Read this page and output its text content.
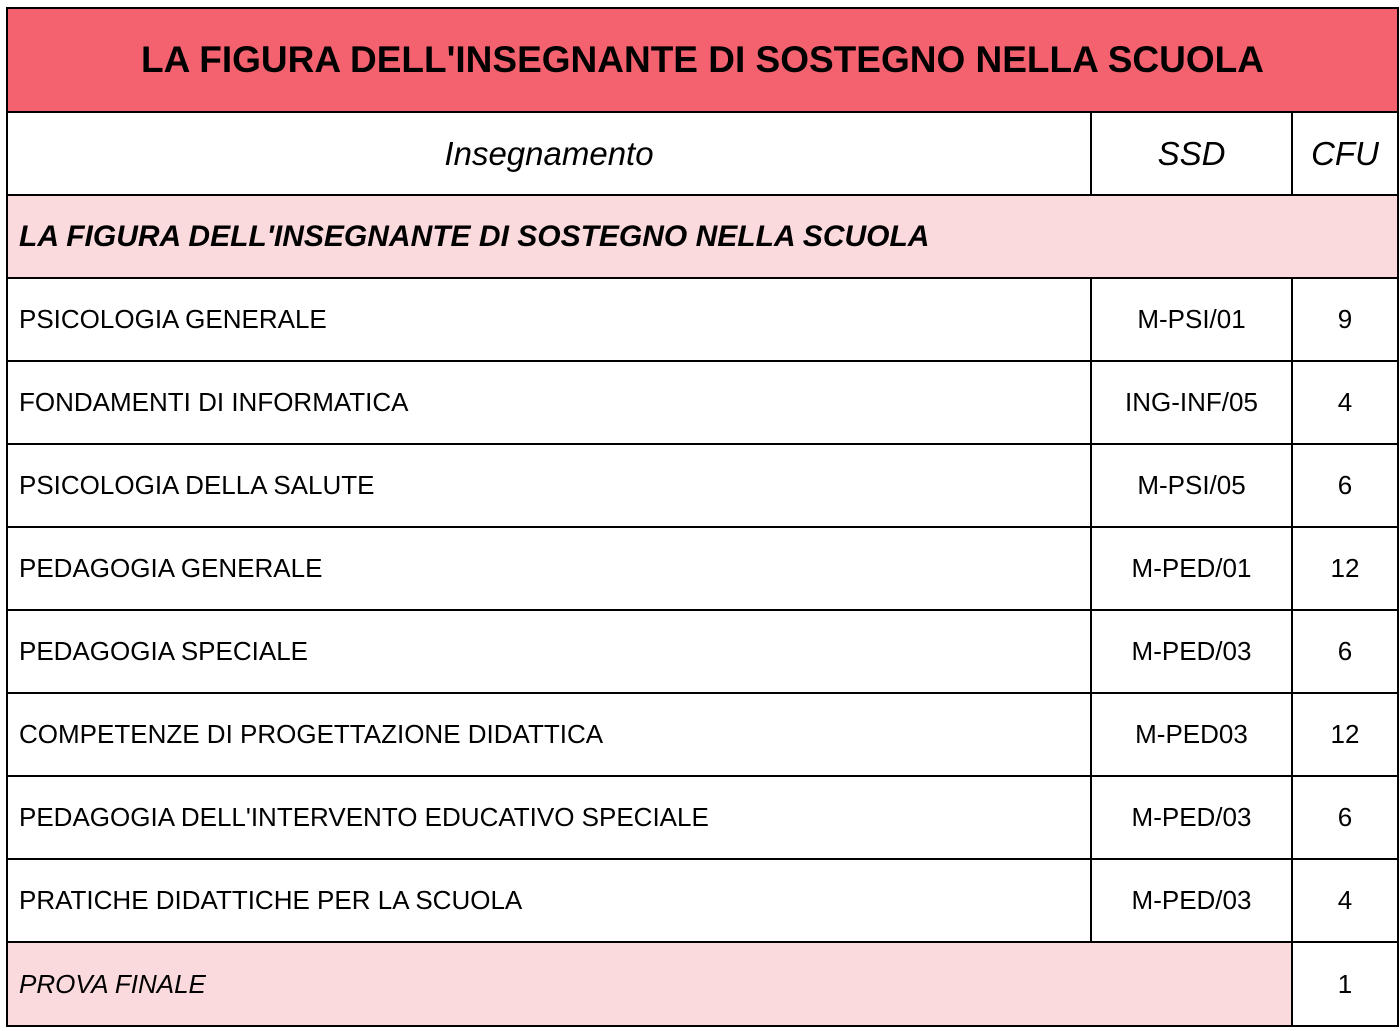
LA FIGURA DELL'INSEGNANTE DI SOSTEGNO NELLA SCUOLA		
Insegnamento	SSD	CFU
LA FIGURA DELL'INSEGNANTE DI SOSTEGNO NELLA SCUOLA		
PSICOLOGIA GENERALE	M-PSI/01	9
FONDAMENTI DI INFORMATICA	ING-INF/05	4
PSICOLOGIA DELLA SALUTE	M-PSI/05	6
PEDAGOGIA GENERALE	M-PED/01	12
PEDAGOGIA SPECIALE	M-PED/03	6
COMPETENZE DI PROGETTAZIONE DIDATTICA	M-PED03	12
PEDAGOGIA DELL'INTERVENTO EDUCATIVO SPECIALE	M-PED/03	6
PRATICHE DIDATTICHE PER LA SCUOLA	M-PED/03	4
PROVA FINALE		1
